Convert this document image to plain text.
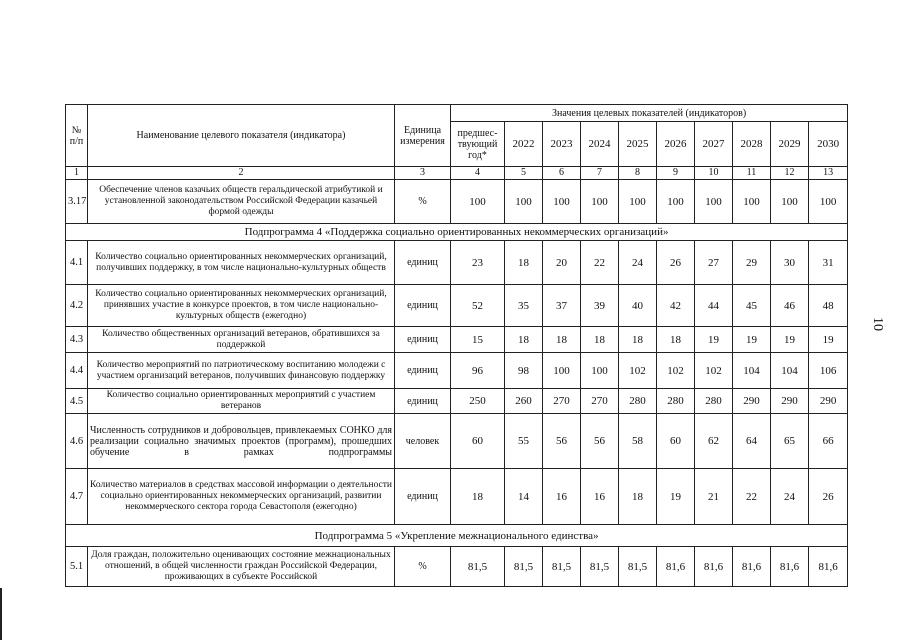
10
№ п/п	Наименование целевого показателя (индикатора)	Единица измерения	Значения целевых показателей (индикаторов)									
			предшес-твующий год*	2022	2023	2024	2025	2026	2027	2028	2029	2030
1	2	3	4	5	6	7	8	9	10	11	12	13
3.17	Обеспечение членов казачьих обществ геральдической атрибутикой и установленной законодательством Российской Федерации казачьей формой одежды	%	100	100	100	100	100	100	100	100	100	100
Подпрограмма 4 «Поддержка социально ориентированных некоммерческих организаций»												
4.1	Количество социально ориентированных некоммерческих организаций, получивших поддержку, в том числе национально-культурных обществ	единиц	23	18	20	22	24	26	27	29	30	31
4.2	Количество социально ориентированных некоммерческих организаций, принявших участие в конкурсе проектов, в том числе национально-культурных обществ (ежегодно)	единиц	52	35	37	39	40	42	44	45	46	48
4.3	Количество общественных организаций ветеранов, обратившихся за поддержкой	единиц	15	18	18	18	18	18	19	19	19	19
4.4	Количество мероприятий по патриотическому воспитанию молодежи с участием организаций ветеранов, получивших финансовую поддержку	единиц	96	98	100	100	102	102	102	104	104	106
4.5	Количество социально ориентированных мероприятий с участием ветеранов	единиц	250	260	270	270	280	280	280	290	290	290
4.6	Численность сотрудников и добровольцев, привлекаемых СОНКО для реализации социально значимых проектов (программ), прошедших обучение в рамках подпрограммы	человек	60	55	56	56	58	60	62	64	65	66
4.7	Количество материалов в средствах массовой информации о деятельности социально ориентированных некоммерческих организаций, развитии некоммерческого сектора города Севастополя (ежегодно)	единиц	18	14	16	16	18	19	21	22	24	26
Подпрограмма 5 «Укрепление межнационального единства»												
5.1	Доля граждан, положительно оценивающих состояние межнациональных отношений, в общей численности граждан Российской Федерации, проживающих в субъекте Российской	%	81,5	81,5	81,5	81,5	81,5	81,6	81,6	81,6	81,6	81,6
